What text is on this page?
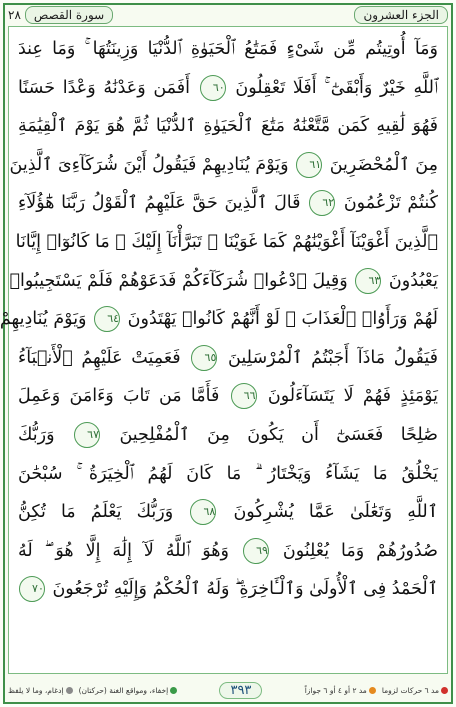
٢٨	سورة القصص	الجزء العشرون
وَمَآ أُوتِيتُم مِّن شَىْءٍ فَمَتَٰعُ ٱلْحَيَوٰةِ ٱلدُّنْيَا وَزِينَتُهَا ۚ وَمَا عِندَ
ٱللَّهِ خَيْرٌ وَأَبْقَىٰٓ ۚ أَفَلَا تَعْقِلُونَ ٦٠ أَفَمَن وَعَدْنَٰهُ وَعْدًا حَسَنًا
فَهُوَ لَٰقِيهِ كَمَن مَّتَّعْنَٰهُ مَتَٰعَ ٱلْحَيَوٰةِ ٱلدُّنْيَا ثُمَّ هُوَ يَوْمَ ٱلْقِيَٰمَةِ
مِنَ ٱلْمُحْضَرِينَ ٦١ وَيَوْمَ يُنَادِيهِمْ فَيَقُولُ أَيْنَ شُرَكَآءِىَ ٱلَّذِينَ
كُنتُمْ تَزْعُمُونَ ٦٢ قَالَ ٱلَّذِينَ حَقَّ عَلَيْهِمُ ٱلْقَوْلُ رَبَّنَا هَٰٓؤُلَآءِ
ٱلَّذِينَ أَغْوَيْنَآ أَغْوَيْنَٰهُمْ كَمَا غَوَيْنَا ۖ تَبَرَّأْنَآ إِلَيْكَ ۖ مَا كَانُوٓا۟ إِيَّانَا
يَعْبُدُونَ ٦٣ وَقِيلَ ٱدْعُوا۟ شُرَكَآءَكُمْ فَدَعَوْهُمْ فَلَمْ يَسْتَجِيبُوا۟
لَهُمْ وَرَأَوُا۟ ٱلْعَذَابَ ۚ لَوْ أَنَّهُمْ كَانُوا۟ يَهْتَدُونَ ٦٤ وَيَوْمَ يُنَادِيهِمْ
فَيَقُولُ مَاذَآ أَجَبْتُمُ ٱلْمُرْسَلِينَ ٦٥ فَعَمِيَتْ عَلَيْهِمُ ٱلْأَنۢبَآءُ
يَوْمَئِذٍ فَهُمْ لَا يَتَسَآءَلُونَ ٦٦ فَأَمَّا مَن تَابَ وَءَامَنَ وَعَمِلَ
صَٰلِحًا فَعَسَىٰٓ أَن يَكُونَ مِنَ ٱلْمُفْلِحِينَ ٦٧ وَرَبُّكَ
يَخْلُقُ مَا يَشَآءُ وَيَخْتَارُ ۗ مَا كَانَ لَهُمُ ٱلْخِيَرَةُ ۚ سُبْحَٰنَ
ٱللَّهِ وَتَعَٰلَىٰ عَمَّا يُشْرِكُونَ ٦٨ وَرَبُّكَ يَعْلَمُ مَا تُكِنُّ
صُدُورُهُمْ وَمَا يُعْلِنُونَ ٦٩ وَهُوَ ٱللَّهُ لَآ إِلَٰهَ إِلَّا هُوَ ۖ لَهُ
ٱلْحَمْدُ فِى ٱلْأُولَىٰ وَٱلْـَٔاخِرَةِ ۖ وَلَهُ ٱلْحُكْمُ وَإِلَيْهِ تُرْجَعُونَ ٧٠
مد ٦ حركات لزوما
مد ٢ أو ٤ أو ٦ جوازاً
٣٩٣
إخفاء، ومواقع الغنة (حركتان)
إدغام، وما لا يلفظ
